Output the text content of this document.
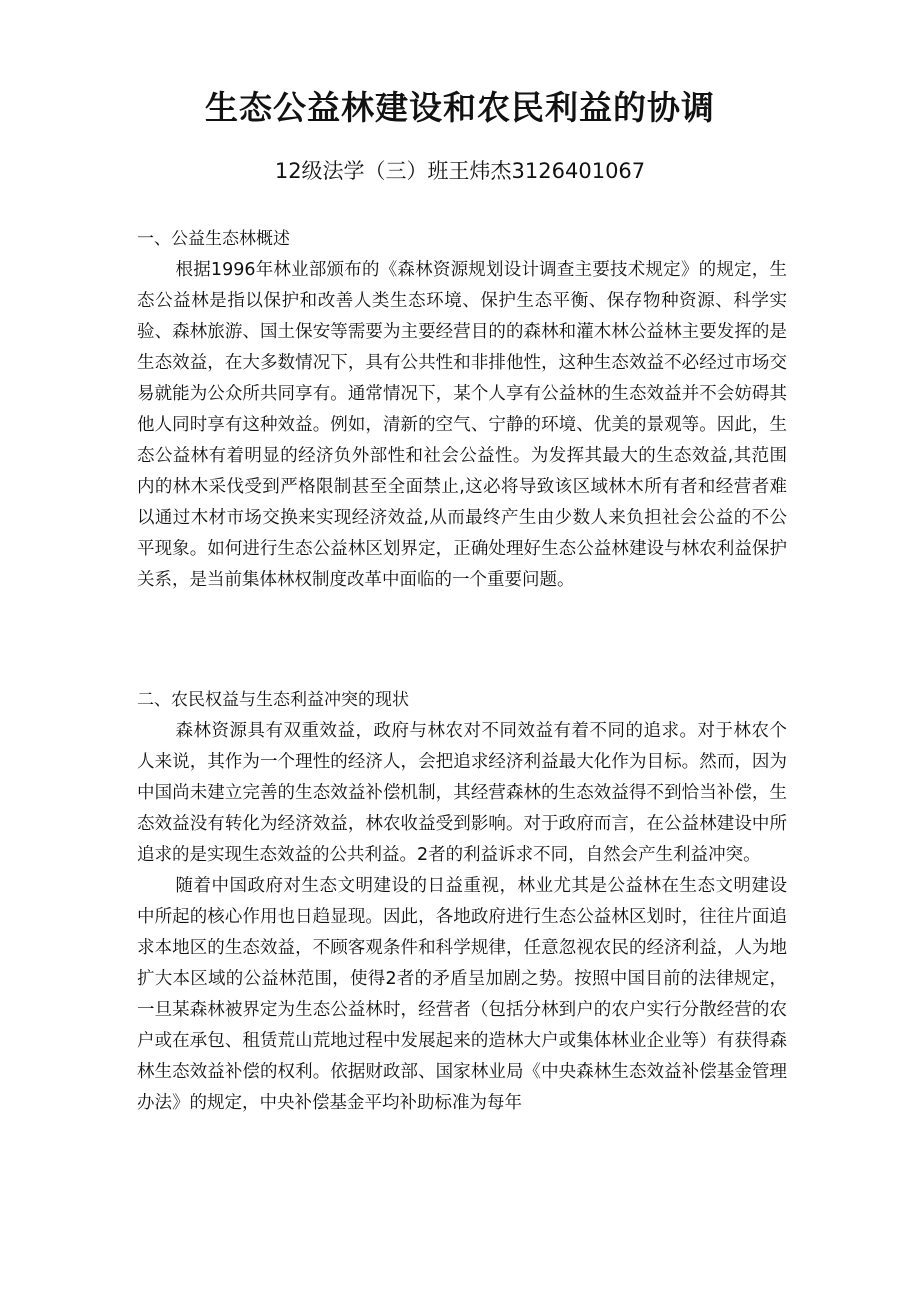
生态公益林建设和农民利益的协调
12级法学（三）班王炜杰3126401067
一、公益生态林概述
根据1996年林业部颁布的《森林资源规划设计调查主要技术规定》的规定，生态公益林是指以保护和改善人类生态环境、保护生态平衡、保存物种资源、科学实验、森林旅游、国土保安等需要为主要经营目的的森林和灌木林公益林主要发挥的是生态效益，在大多数情况下，具有公共性和非排他性，这种生态效益不必经过市场交易就能为公众所共同享有。通常情况下，某个人享有公益林的生态效益并不会妨碍其他人同时享有这种效益。例如，清新的空气、宁静的环境、优美的景观等。因此，生态公益林有着明显的经济负外部性和社会公益性。为发挥其最大的生态效益,其范围内的林木采伐受到严格限制甚至全面禁止,这必将导致该区域林木所有者和经营者难以通过木材市场交换来实现经济效益,从而最终产生由少数人来负担社会公益的不公平现象。如何进行生态公益林区划界定，正确处理好生态公益林建设与林农利益保护关系，是当前集体林权制度改革中面临的一个重要问题。
二、农民权益与生态利益冲突的现状
森林资源具有双重效益，政府与林农对不同效益有着不同的追求。对于林农个人来说，其作为一个理性的经济人，会把追求经济利益最大化作为目标。然而，因为中国尚未建立完善的生态效益补偿机制，其经营森林的生态效益得不到恰当补偿，生态效益没有转化为经济效益，林农收益受到影响。对于政府而言，在公益林建设中所追求的是实现生态效益的公共利益。2者的利益诉求不同，自然会产生利益冲突。
随着中国政府对生态文明建设的日益重视，林业尤其是公益林在生态文明建设中所起的核心作用也日趋显现。因此，各地政府进行生态公益林区划时，往往片面追求本地区的生态效益，不顾客观条件和科学规律，任意忽视农民的经济利益，人为地扩大本区域的公益林范围，使得2者的矛盾呈加剧之势。按照中国目前的法律规定，一旦某森林被界定为生态公益林时，经营者（包括分林到户的农户实行分散经营的农户或在承包、租赁荒山荒地过程中发展起来的造林大户或集体林业企业等）有获得森林生态效益补偿的权利。依据财政部、国家林业局《中央森林生态效益补偿基金管理办法》的规定，中央补偿基金平均补助标准为每年
